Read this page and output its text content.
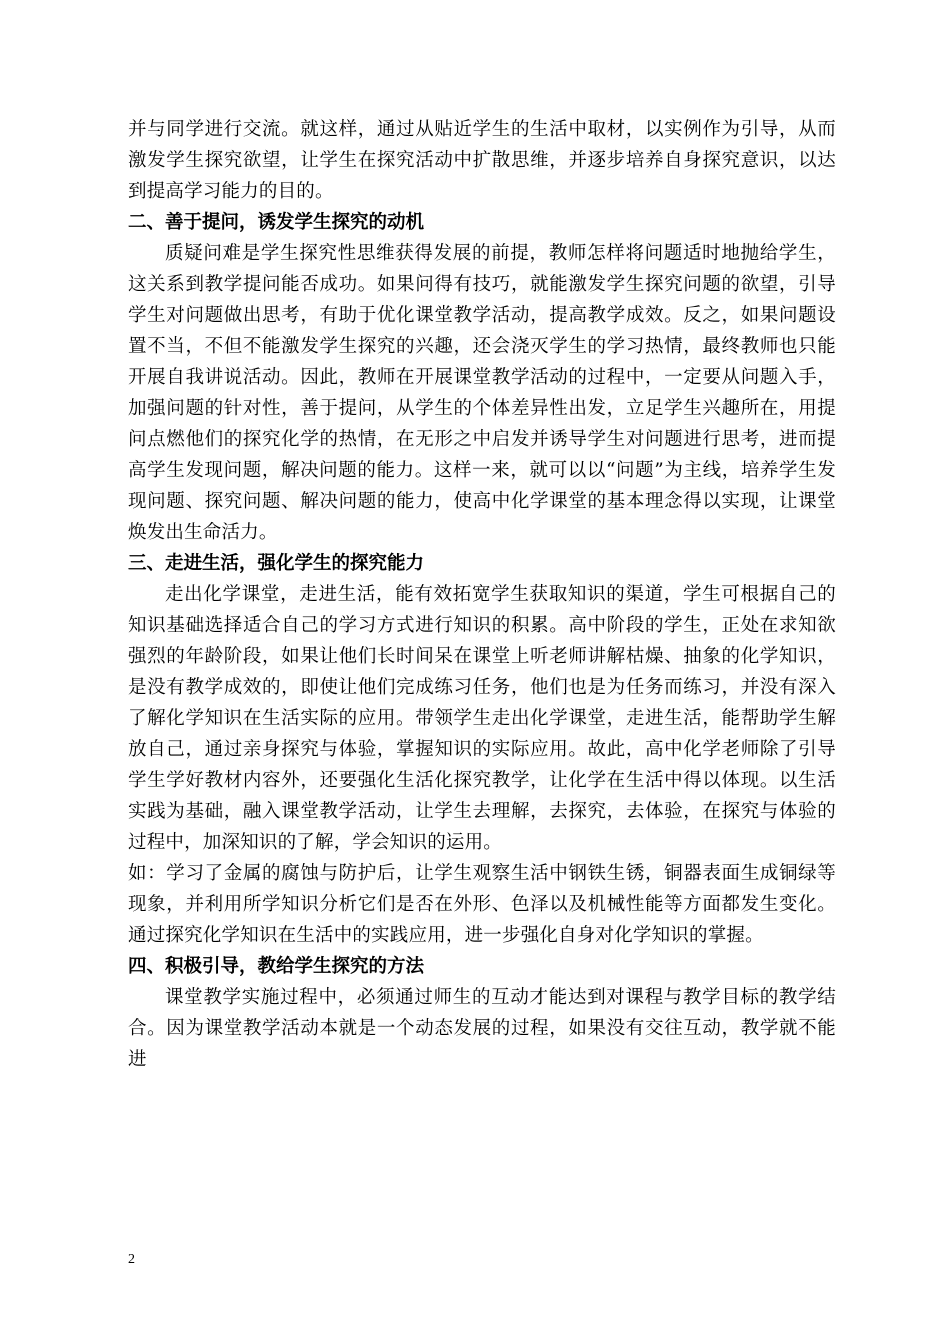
并与同学进行交流。就这样，通过从贴近学生的生活中取材，以实例作为引导，从而激发学生探究欲望，让学生在探究活动中扩散思维，并逐步培养自身探究意识，以达到提高学习能力的目的。

二、善于提问，诱发学生探究的动机

质疑问难是学生探究性思维获得发展的前提，教师怎样将问题适时地抛给学生，这关系到教学提问能否成功。如果问得有技巧，就能激发学生探究问题的欲望，引导学生对问题做出思考，有助于优化课堂教学活动，提高教学成效。反之，如果问题设置不当，不但不能激发学生探究的兴趣，还会浇灭学生的学习热情，最终教师也只能开展自我讲说活动。因此，教师在开展课堂教学活动的过程中，一定要从问题入手，加强问题的针对性，善于提问，从学生的个体差异性出发，立足学生兴趣所在，用提问点燃他们的探究化学的热情，在无形之中启发并诱导学生对问题进行思考，进而提高学生发现问题，解决问题的能力。这样一来，就可以以“问题”为主线，培养学生发现问题、探究问题、解决问题的能力，使高中化学课堂的基本理念得以实现，让课堂焕发出生命活力。

三、走进生活，强化学生的探究能力

走出化学课堂，走进生活，能有效拓宽学生获取知识的渠道，学生可根据自己的知识基础选择适合自己的学习方式进行知识的积累。高中阶段的学生，正处在求知欲强烈的年龄阶段，如果让他们长时间呆在课堂上听老师讲解枯燥、抽象的化学知识，是没有教学成效的，即使让他们完成练习任务，他们也是为任务而练习，并没有深入了解化学知识在生活实际的应用。带领学生走出化学课堂，走进生活，能帮助学生解放自己，通过亲身探究与体验，掌握知识的实际应用。故此，高中化学老师除了引导学生学好教材内容外，还要强化生活化探究教学，让化学在生活中得以体现。以生活实践为基础，融入课堂教学活动，让学生去理解，去探究，去体验，在探究与体验的过程中，加深知识的了解，学会知识的运用。

如：学习了金属的腐蚀与防护后，让学生观察生活中钢铁生锈，铜器表面生成铜绿等现象，并利用所学知识分析它们是否在外形、色泽以及机械性能等方面都发生变化。通过探究化学知识在生活中的实践应用，进一步强化自身对化学知识的掌握。

四、积极引导，教给学生探究的方法

课堂教学实施过程中，必须通过师生的互动才能达到对课程与教学目标的教学结合。因为课堂教学活动本就是一个动态发展的过程，如果没有交往互动，教学就不能进

2
